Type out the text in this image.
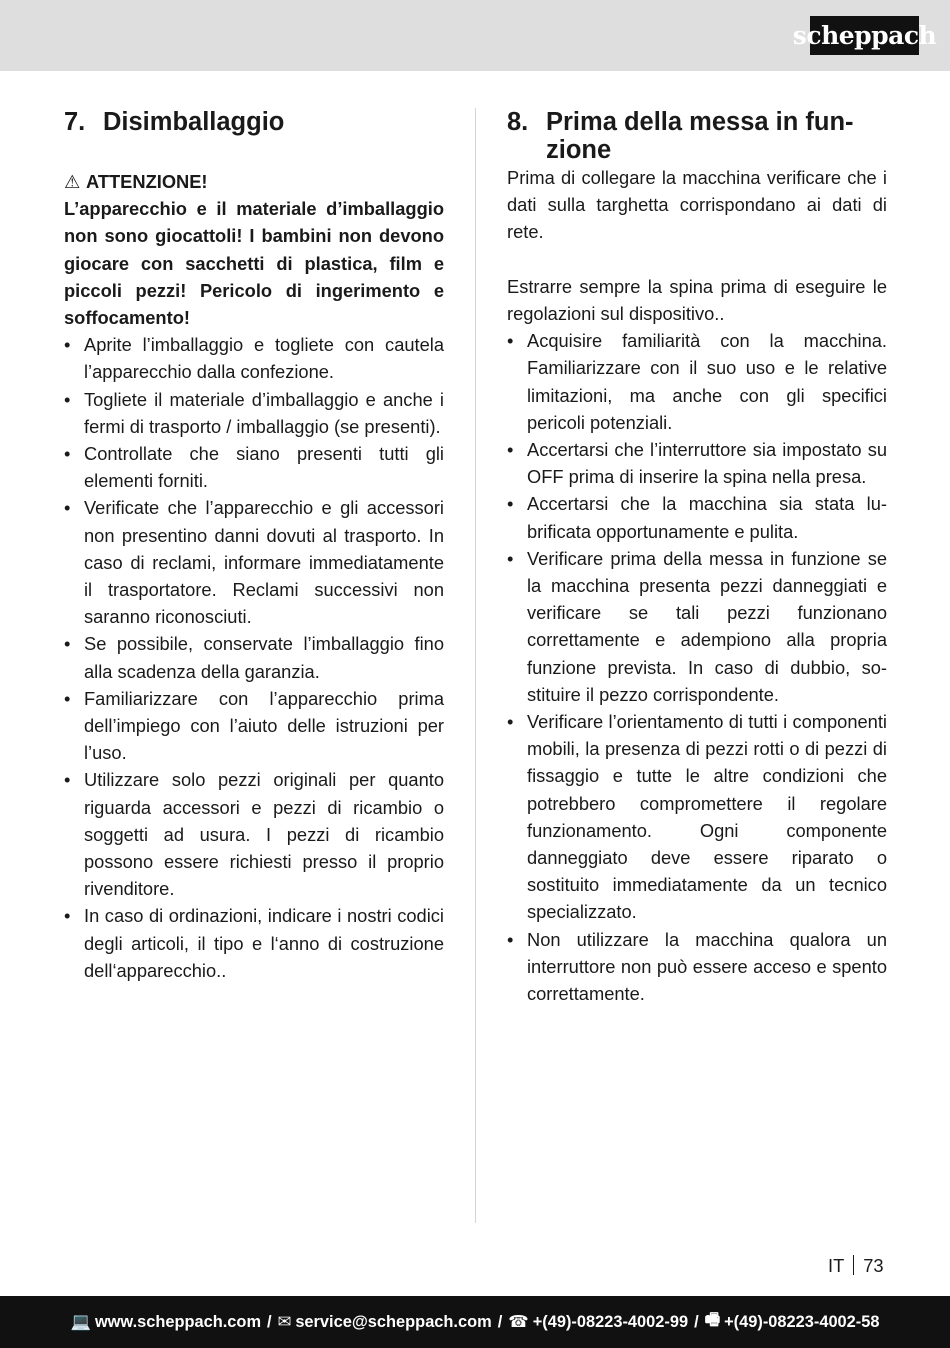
scheppach
7. Disimballaggio
⚠ ATTENZIONE!
L’apparecchio e il materiale d’imballaggio non sono giocattoli! I bambini non devono giocare con sacchetti di plastica, film e piccoli pezzi! Pericolo di ingerimento e soffocamento!
• Aprite l’imballaggio e togliete con cautela l’apparecchio dalla confezione.
• Togliete il materiale d’imballaggio e anche i fermi di trasporto / imballaggio (se presenti).
• Controllate che siano presenti tutti gli elementi forniti.
• Verificate che l’apparecchio e gli accessori non presentino danni dovuti al trasporto. In caso di reclami, informare immediatamente il trasportatore. Reclami successivi non saranno riconosciuti.
• Se possibile, conservate l’imballaggio fino alla scadenza della garanzia.
• Familiarizzare con l’apparecchio prima dell’impiego con l’aiuto delle istruzioni per l’uso.
• Utilizzare solo pezzi originali per quanto riguarda accessori e pezzi di ricambio o soggetti ad usura. I pezzi di ricambio possono essere richiesti presso il proprio rivenditore.
• In caso di ordinazioni, indicare i nostri codici degli articoli, il tipo e l‘anno di costruzione dell‘apparecchio..
8. Prima della messa in funzione

Prima di collegare la macchina verificare che i dati sulla targhetta corrispondano ai dati di rete.

Estrarre sempre la spina prima di eseguire le regolazioni sul dispositivo..

• Acquisire familiarità con la macchina. Familiarizzare con il suo uso e le relative limitazioni, ma anche con gli specifici pericoli potenziali.
• Accertarsi che l’interruttore sia impostato su OFF prima di inserire la spina nella presa.
• Accertarsi che la macchina sia stata lubrificata opportunamente e pulita.
• Verificare prima della messa in funzione se la macchina presenta pezzi danneggiati e verificare se tali pezzi funzionano correttamente e adempiono alla propria funzione prevista. In caso di dubbio, sostituire il pezzo corrispondente.
• Verificare l’orientamento di tutti i componenti mobili, la presenza di pezzi rotti o di pezzi di fissaggio e tutte le altre condizioni che potrebbero compromettere il regolare funzionamento. Ogni componente danneggiato deve essere riparato o sostituito immediatamente da un tecnico specializzato.
• Non utilizzare la macchina qualora un interruttore non può essere acceso e spento correttamente.
IT 73
💻 www.scheppach.com / ✉ service@scheppach.com / ☎ +(49)-08223-4002-99 / 🖷 +(49)-08223-4002-58
